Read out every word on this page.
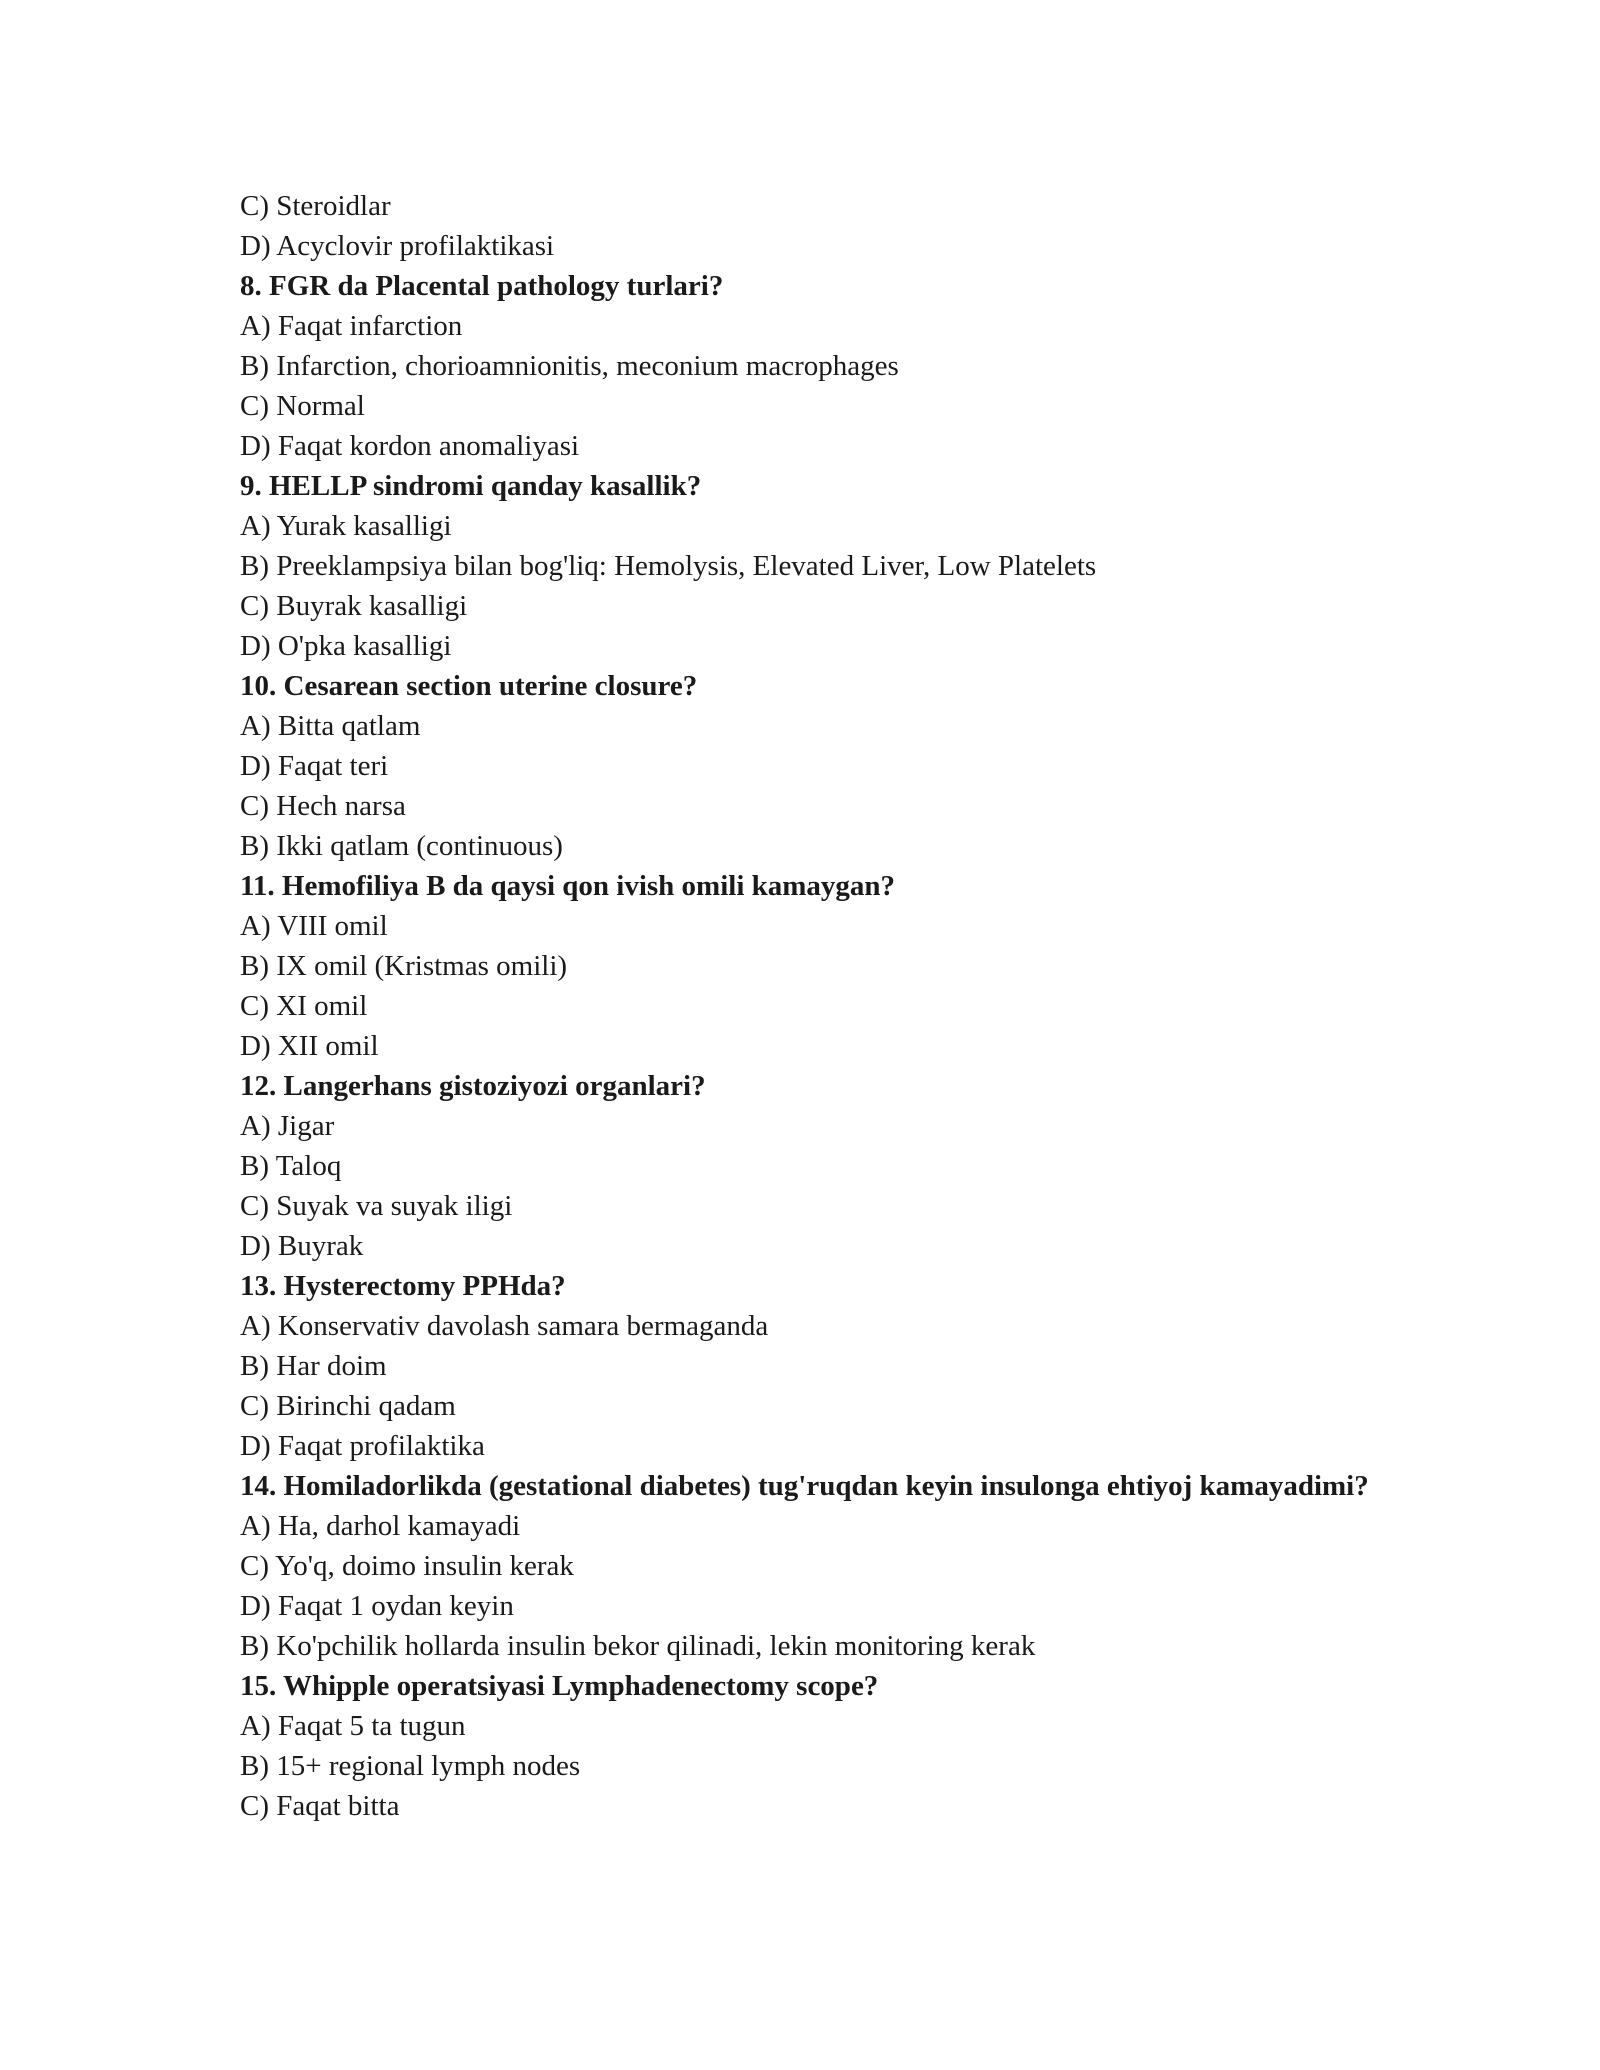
C) Steroidlar

D) Acyclovir profilaktikasi

8. FGR da Placental pathology turlari?

A) Faqat infarction

B) Infarction, chorioamnionitis, meconium macrophages

C) Normal

D) Faqat kordon anomaliyasi

9. HELLP sindromi qanday kasallik?

A) Yurak kasalligi

B) Preeklampsiya bilan bog'liq: Hemolysis, Elevated Liver, Low Platelets

C) Buyrak kasalligi

D) O'pka kasalligi

10. Cesarean section uterine closure?

A) Bitta qatlam

D) Faqat teri

C) Hech narsa

B) Ikki qatlam (continuous)

11. Hemofiliya B da qaysi qon ivish omili kamaygan?

A) VIII omil

B) IX omil (Kristmas omili)

C) XI omil

D) XII omil

12. Langerhans gistoziyozi organlari?

A) Jigar

B) Taloq

C) Suyak va suyak iligi

D) Buyrak

13. Hysterectomy PPHda?

A) Konservativ davolash samara bermaganda

B) Har doim

C) Birinchi qadam

D) Faqat profilaktika

14. Homiladorlikda (gestational diabetes) tug'ruqdan keyin insulonga ehtiyoj kamayadimi?

A) Ha, darhol kamayadi

C) Yo'q, doimo insulin kerak

D) Faqat 1 oydan keyin

B) Ko'pchilik hollarda insulin bekor qilinadi, lekin monitoring kerak

15. Whipple operatsiyasi Lymphadenectomy scope?

A) Faqat 5 ta tugun

B) 15+ regional lymph nodes

C) Faqat bitta
